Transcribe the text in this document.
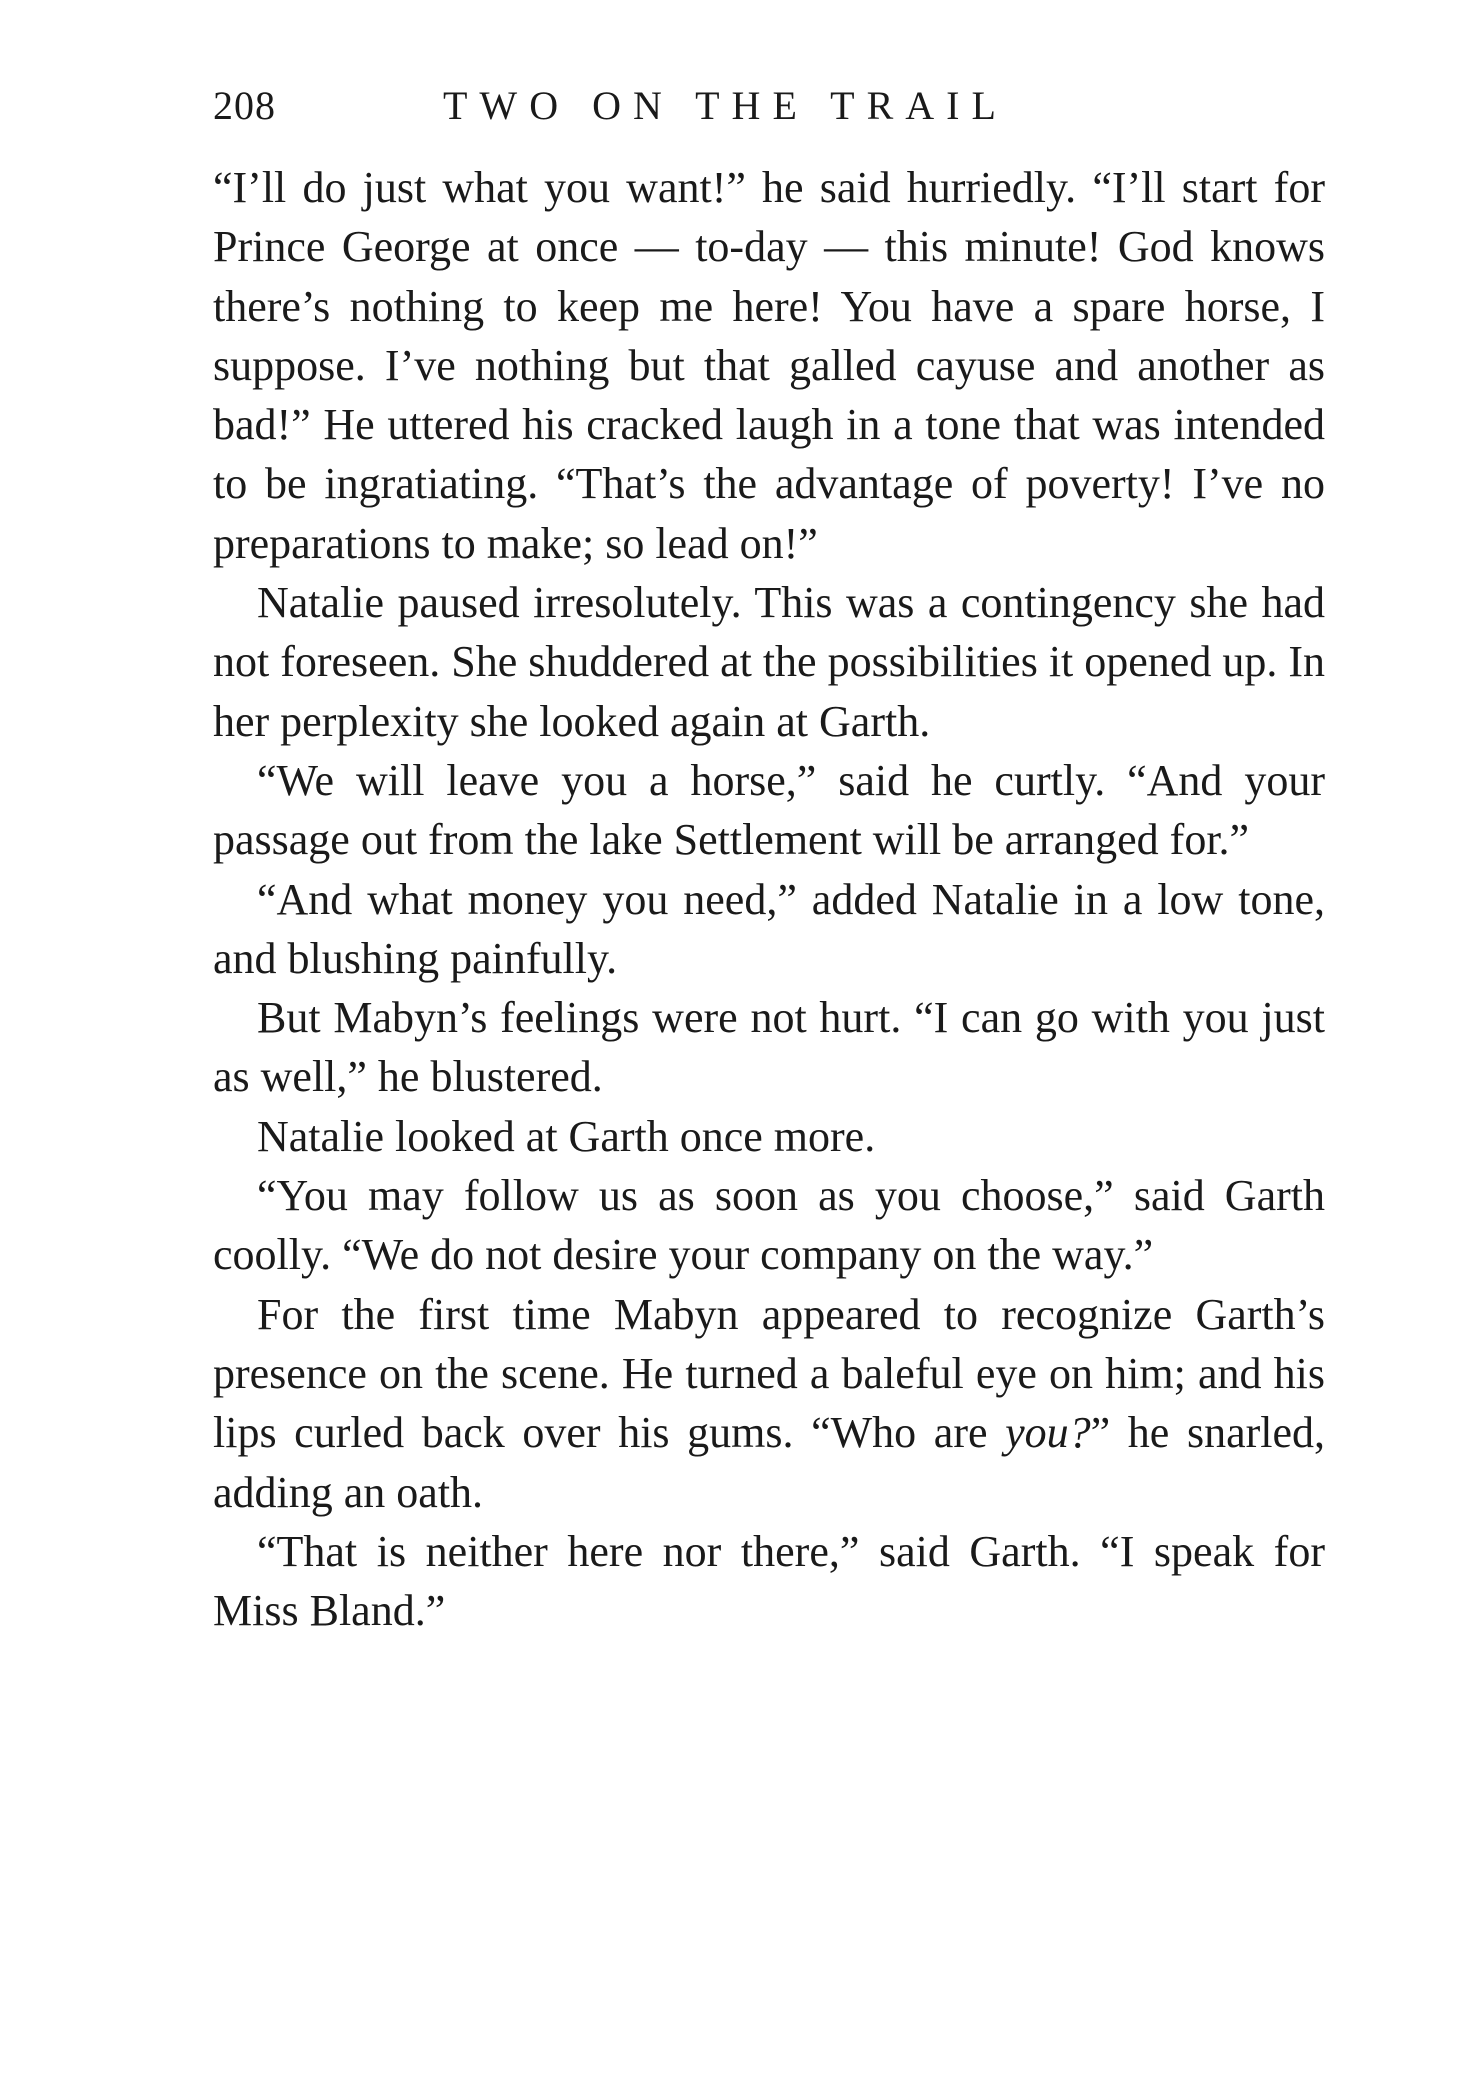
208	TWO ON THE TRAIL

“I’ll do just what you want!” he said hurriedly. “I’ll start for Prince George at once — to-day — this minute! God knows there’s nothing to keep me here! You have a spare horse, I suppose. I’ve nothing but that galled cayuse and another as bad!” He uttered his cracked laugh in a tone that was intended to be ingratiating. “That’s the advantage of poverty! I’ve no preparations to make; so lead on!”

Natalie paused irresolutely. This was a contingency she had not foreseen. She shuddered at the possibilities it opened up. In her perplexity she looked again at Garth.

“We will leave you a horse,” said he curtly. “And your passage out from the lake Settlement will be arranged for.”

“And what money you need,” added Natalie in a low tone, and blushing painfully.

But Mabyn’s feelings were not hurt. “I can go with you just as well,” he blustered.

Natalie looked at Garth once more.

“You may follow us as soon as you choose,” said Garth coolly. “We do not desire your company on the way.”

For the first time Mabyn appeared to recognize Garth’s presence on the scene. He turned a baleful eye on him; and his lips curled back over his gums. “Who are you?” he snarled, adding an oath.

“That is neither here nor there,” said Garth. “I speak for Miss Bland.”
